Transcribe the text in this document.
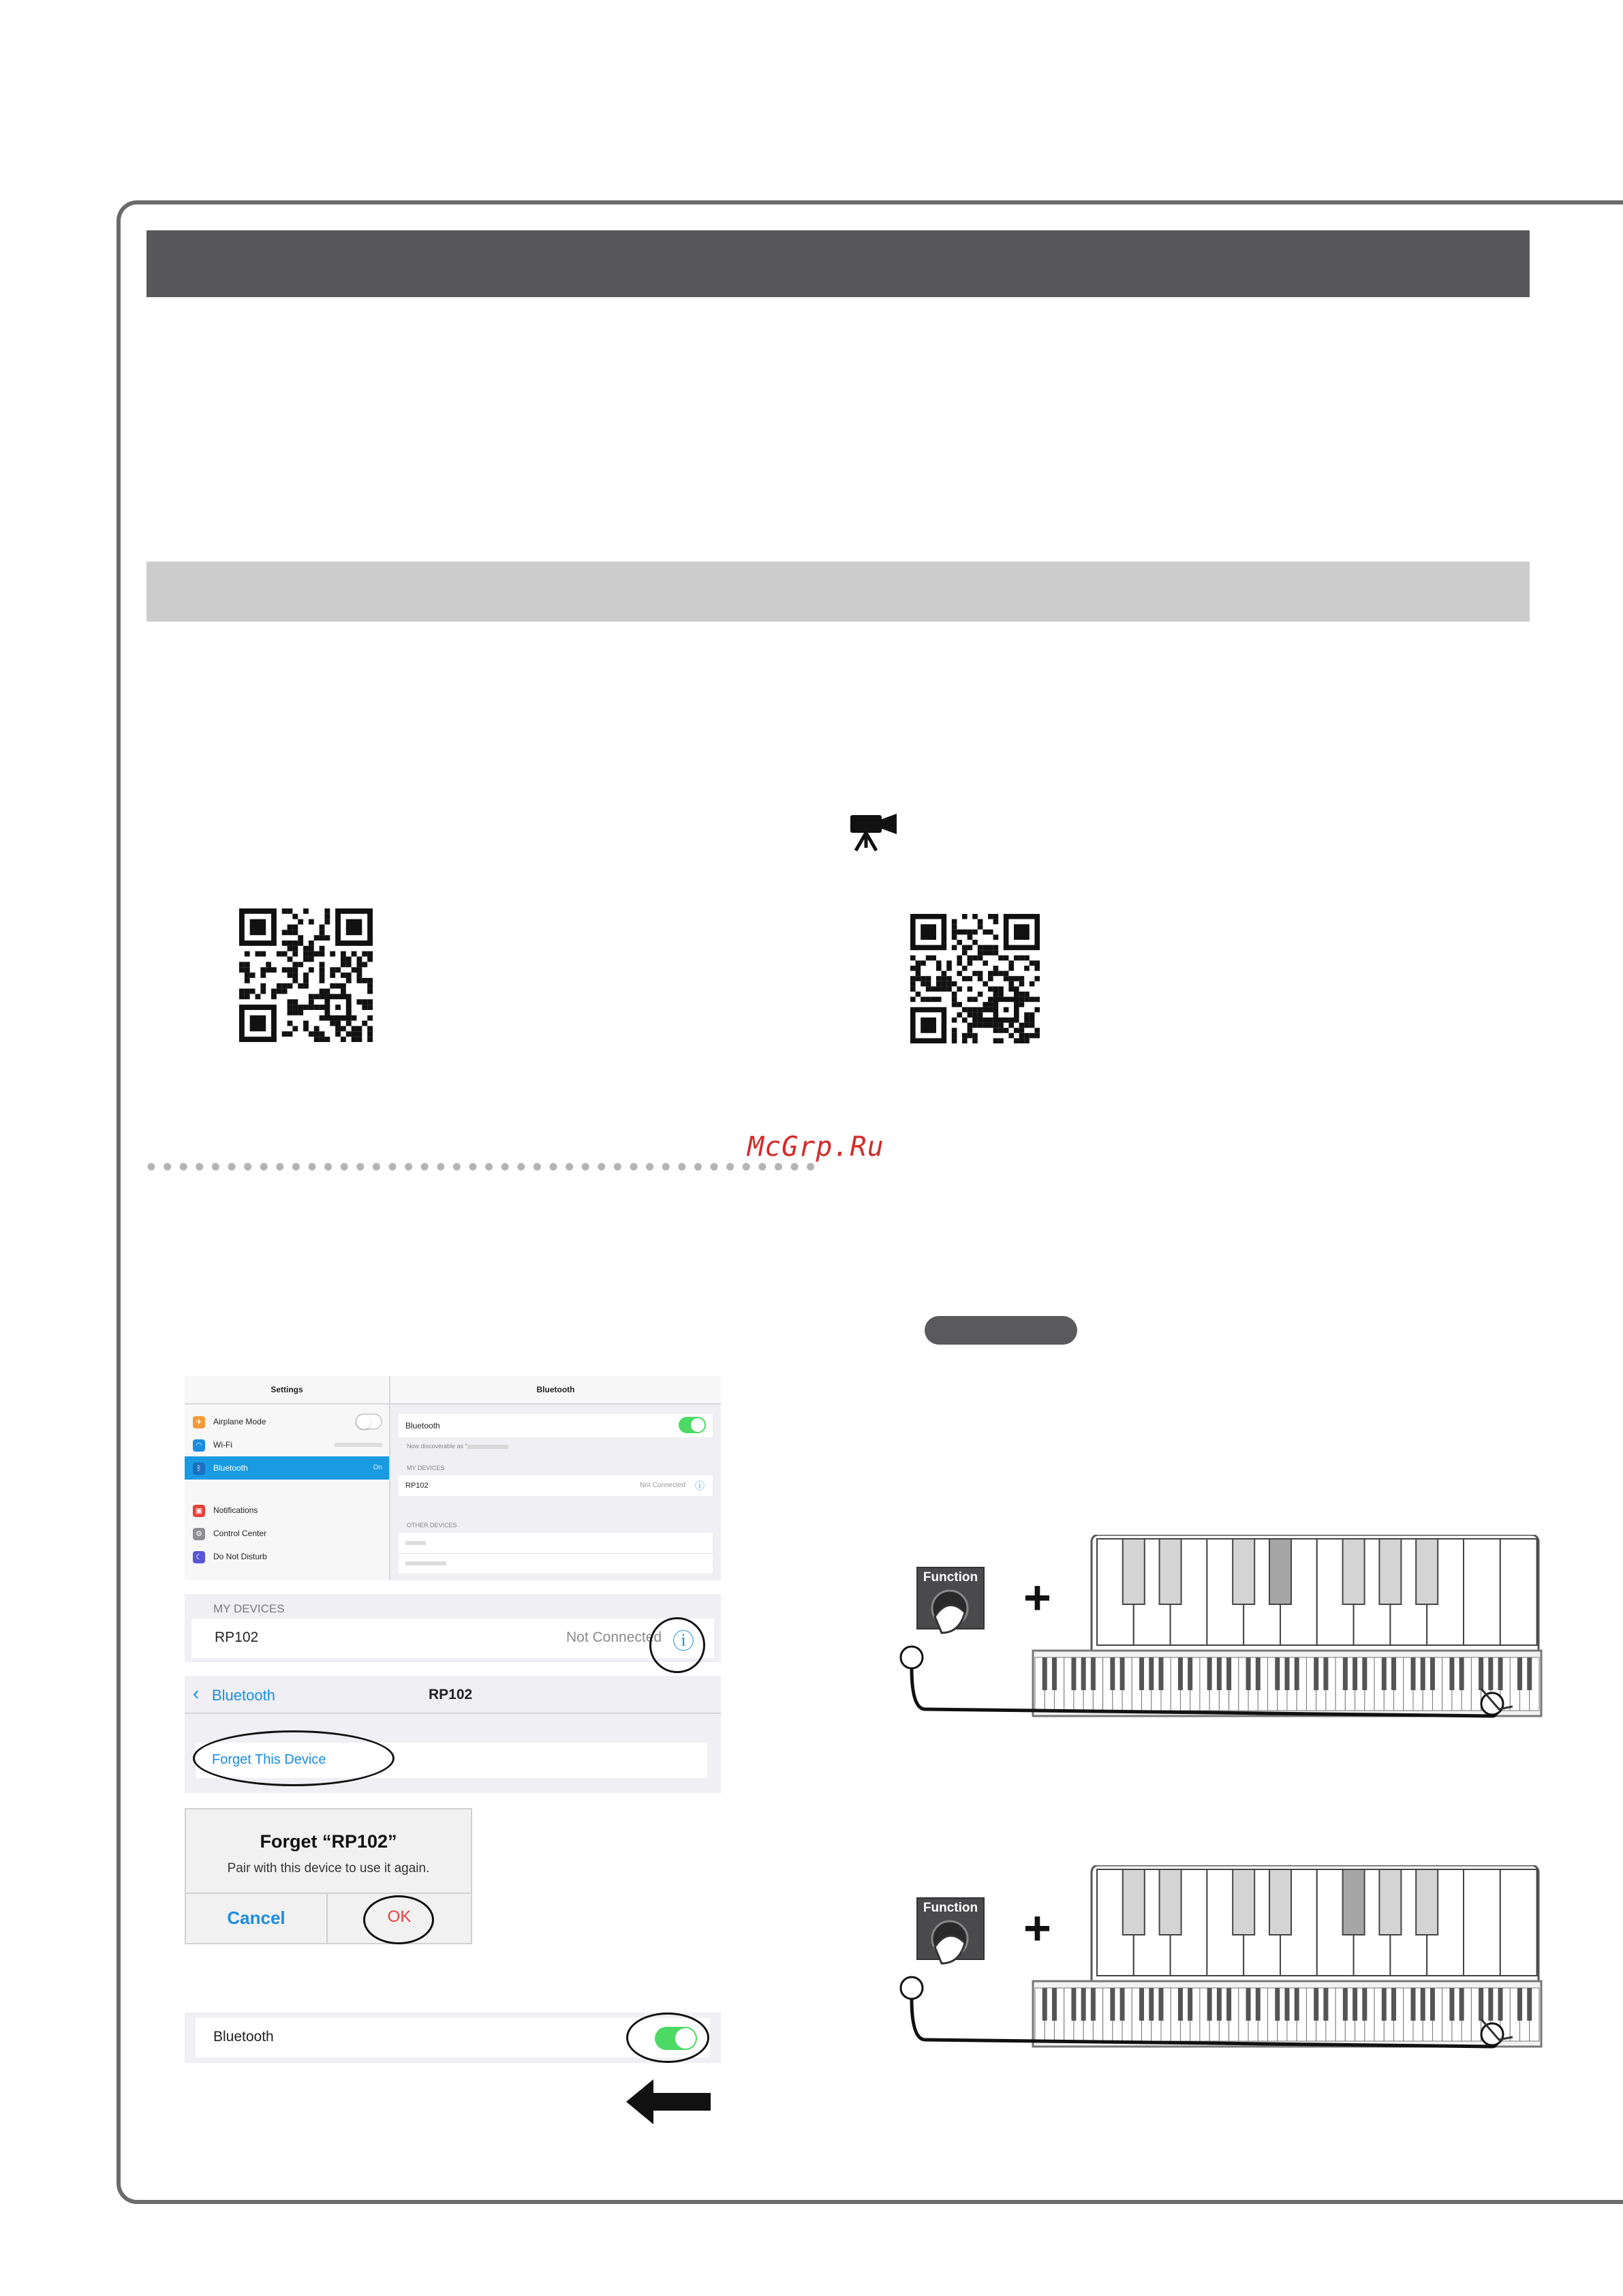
McGrp.Ru
Settings
✈	Airplane Mode
◠	Wi-Fi
ᛒ	Bluetooth	On
▣	Notifications
⚙	Control Center
☾	Do Not Disturb
Bluetooth
Bluetooth
Now discoverable as "
MY DEVICES
RP102	Not Connected ⓘ
OTHER DEVICES
MY DEVICES
RP102	Not Connected ⓘ
‹ Bluetooth	RP102
Forget This Device
Forget “RP102”
Pair with this device to use it again.
Cancel	OK
Bluetooth
Function +
Function +
